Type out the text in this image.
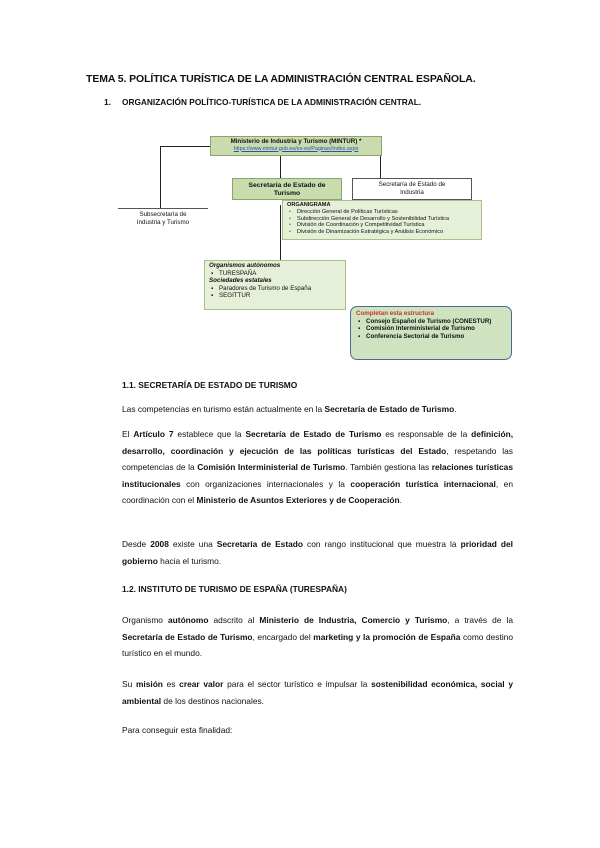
TEMA 5. POLÍTICA TURÍSTICA DE LA ADMINISTRACIÓN CENTRAL ESPAÑOLA.
1. ORGANIZACIÓN POLÍTICO-TURÍSTICA DE LA ADMINISTRACIÓN CENTRAL.
Ministerio de Industria y Turismo (MINTUR) *
https://www.mintur.gob.es/es-es/Paginas/Index.aspx
Secretaría de Estado de Turismo
Secretaría de Estado de Industria
Subsecretaría de Industria y Turismo
ORGANIGRAMA
▪ Dirección General de Políticas Turísticas
▪ Subdirección General de Desarrollo y Sostenibilidad Turística
▪ División de Coordinación y Competitividad Turística
▪ División de Dinamización Estratégica y Análisis Económico
Organismos autónomos
▪ TURESPAÑA
Sociedades estatales
▪ Paradores de Turismo de España
▪ SEGITTUR
Completan esta estructura
▪ Consejo Español de Turismo (CONESTUR)
▪ Comisión Interministerial de Turismo
▪ Conferencia Sectorial de Turismo
1.1. SECRETARÍA DE ESTADO DE TURISMO
Las competencias en turismo están actualmente en la Secretaría de Estado de Turismo.
El Artículo 7 establece que la Secretaría de Estado de Turismo es responsable de la definición, desarrollo, coordinación y ejecución de las políticas turísticas del Estado, respetando las competencias de la Comisión Interministerial de Turismo. También gestiona las relaciones turísticas institucionales con organizaciones internacionales y la cooperación turística internacional, en coordinación con el Ministerio de Asuntos Exteriores y de Cooperación.
Desde 2008 existe una Secretaría de Estado con rango institucional que muestra la prioridad del gobierno hacia el turismo.
1.2. INSTITUTO DE TURISMO DE ESPAÑA (TURESPAÑA)
Organismo autónomo adscrito al Ministerio de Industria, Comercio y Turismo, a través de la Secretaría de Estado de Turismo, encargado del marketing y la promoción de España como destino turístico en el mundo.
Su misión es crear valor para el sector turístico e impulsar la sostenibilidad económica, social y ambiental de los destinos nacionales.
Para conseguir esta finalidad:
